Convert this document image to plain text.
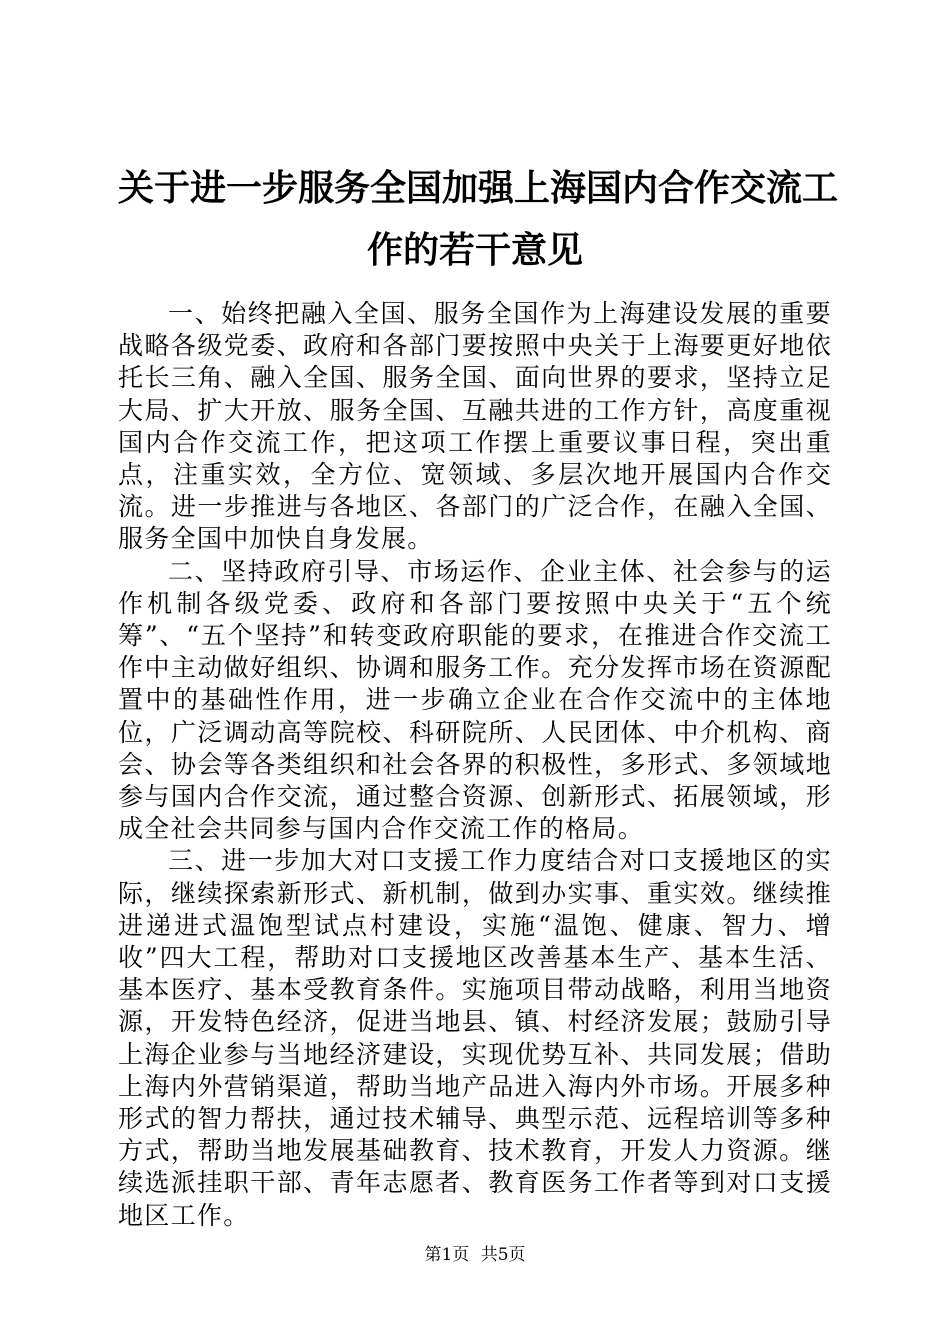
关于进一步服务全国加强上海国内合作交流工
作的若干意见

一、始终把融入全国、服务全国作为上海建设发展的重要战略各级党委、政府和各部门要按照中央关于上海要更好地依托长三角、融入全国、服务全国、面向世界的要求，坚持立足大局、扩大开放、服务全国、互融共进的工作方针，高度重视国内合作交流工作，把这项工作摆上重要议事日程，突出重点，注重实效，全方位、宽领域、多层次地开展国内合作交流。进一步推进与各地区、各部门的广泛合作，在融入全国、服务全国中加快自身发展。

二、坚持政府引导、市场运作、企业主体、社会参与的运作机制各级党委、政府和各部门要按照中央关于“五个统筹”、“五个坚持”和转变政府职能的要求，在推进合作交流工作中主动做好组织、协调和服务工作。充分发挥市场在资源配置中的基础性作用，进一步确立企业在合作交流中的主体地位，广泛调动高等院校、科研院所、人民团体、中介机构、商会、协会等各类组织和社会各界的积极性，多形式、多领域地参与国内合作交流，通过整合资源、创新形式、拓展领域，形成全社会共同参与国内合作交流工作的格局。

三、进一步加大对口支援工作力度结合对口支援地区的实际，继续探索新形式、新机制，做到办实事、重实效。继续推进递进式温饱型试点村建设，实施“温饱、健康、智力、增收”四大工程，帮助对口支援地区改善基本生产、基本生活、基本医疗、基本受教育条件。实施项目带动战略，利用当地资源，开发特色经济，促进当地县、镇、村经济发展；鼓励引导上海企业参与当地经济建设，实现优势互补、共同发展；借助上海内外营销渠道，帮助当地产品进入海内外市场。开展多种形式的智力帮扶，通过技术辅导、典型示范、远程培训等多种方式，帮助当地发展基础教育、技术教育，开发人力资源。继续选派挂职干部、青年志愿者、教育医务工作者等到对口支援地区工作。

第1页 共5页
